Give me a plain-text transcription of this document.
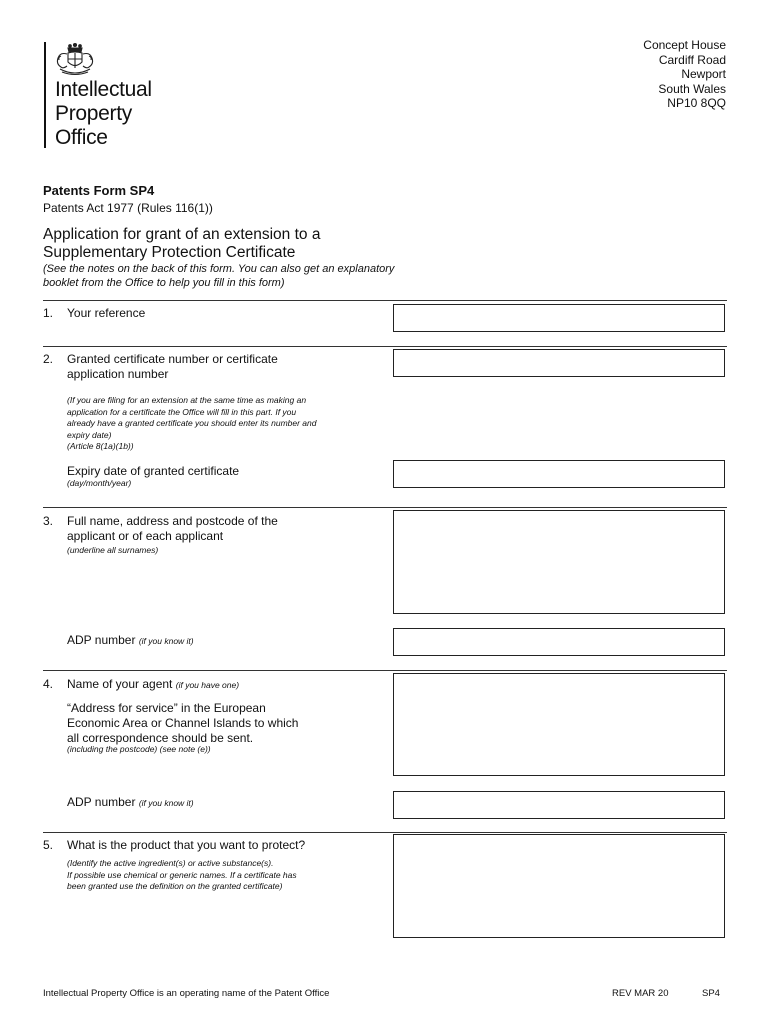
Intellectual
Property
Office
Concept House
Cardiff Road
Newport
South Wales
NP10 8QQ
Patents Form SP4
Patents Act 1977 (Rules 116(1))
Application for grant of an extension to a
Supplementary Protection Certificate
(See the notes on the back of this form. You can also get an explanatory
booklet from the Office to help you fill in this form)
1. Your reference
2. Granted certificate number or certificate
application number
(If you are filing for an extension at the same time as making an
application for a certificate the Office will fill in this part. If you
already have a granted certificate you should enter its number and
expiry date)
(Article 8(1a)(1b))
Expiry date of granted certificate
(day/month/year)
3. Full name, address and postcode of the
applicant or of each applicant
(underline all surnames)
ADP number (if you know it)
4. Name of your agent (if you have one)
“Address for service” in the European
Economic Area or Channel Islands to which
all correspondence should be sent.
(including the postcode) (see note (e))
ADP number (if you know it)
5. What is the product that you want to protect?
(Identify the active ingredient(s) or active substance(s).
If possible use chemical or generic names. If a certificate has
been granted use the definition on the granted certificate)
Intellectual Property Office is an operating name of the Patent Office	REV MAR 20	SP4
